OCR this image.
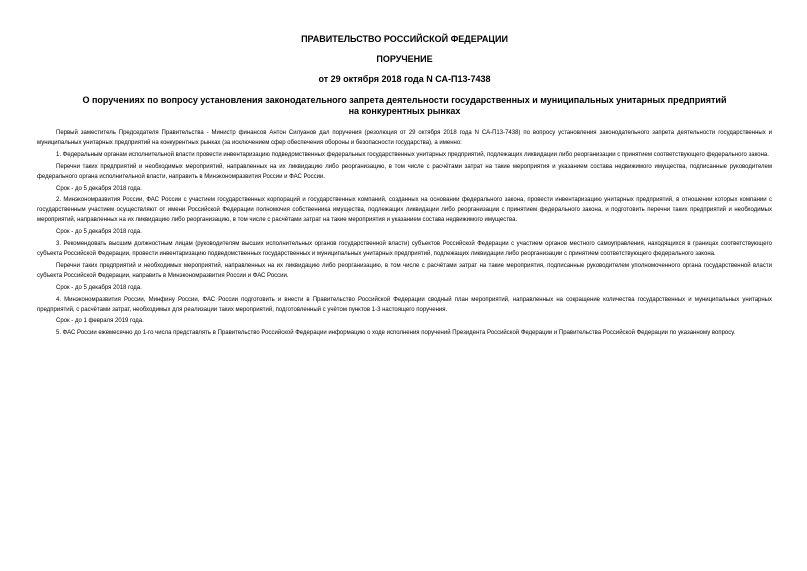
ПРАВИТЕЛЬСТВО РОССИЙСКОЙ ФЕДЕРАЦИИ

ПОРУЧЕНИЕ

от 29 октября 2018 года N СА-П13-7438

О поручениях по вопросу установления законодательного запрета деятельности государственных и муниципальных унитарных предприятий на конкурентных рынках

Первый заместитель Председателя Правительства - Министр финансов Антон Силуанов дал поручения (резолюция от 29 октября 2018 года N СА-П13-7438) по вопросу установления законодательного запрета деятельности государственных и муниципальных унитарных предприятий на конкурентных рынках (за исключением сфер обеспечения обороны и безопасности государства), а именно:

1. Федеральным органам исполнительной власти провести инвентаризацию подведомственных федеральных государственных унитарных предприятий, подлежащих ликвидации либо реорганизации с принятием соответствующего федерального закона.

Перечни таких предприятий и необходимых мероприятий, направленных на их ликвидацию либо реорганизацию, в том числе с расчётами затрат на такие мероприятия и указанием состава недвижимого имущества, подписанные руководителем федерального органа исполнительной власти, направить в Минэкономразвития России и ФАС России.

Срок - до 5 декабря 2018 года.

2. Минэкономразвития России, ФАС России с участием государственных корпораций и государственных компаний, созданных на основании федерального закона, провести инвентаризацию унитарных предприятий, в отношении которых компании с государственным участием осуществляют от имени Российской Федерации полномочия собственника имущества, подлежащих ликвидации либо реорганизации с принятием федерального закона, и подготовить перечни таких предприятий и необходимых мероприятий, направленных на их ликвидацию либо реорганизацию, в том числе с расчётами затрат на такие мероприятия и указанием состава недвижимого имущества.

Срок - до 5 декабря 2018 года.

3. Рекомендовать высшим должностным лицам (руководителям высших исполнительных органов государственной власти) субъектов Российской Федерации с участием органов местного самоуправления, находящихся в границах соответствующего субъекта Российской Федерации, провести инвентаризацию подведомственных государственных и муниципальных унитарных предприятий, подлежащих ликвидации либо реорганизации с принятием соответствующего федерального закона.

Перечни таких предприятий и необходимых мероприятий, направленных на их ликвидацию либо реорганизацию, в том числе с расчётами затрат на такие мероприятия, подписанные руководителем уполномоченного органа государственной власти субъекта Российской Федерации, направить в Минэкономразвития России и ФАС России.

Срок - до 5 декабря 2018 года.

4. Минэкономразвития России, Минфину России, ФАС России подготовить и внести в Правительство Российской Федерации сводный план мероприятий, направленных на сокращение количества государственных и муниципальных унитарных предприятий, с расчётами затрат, необходимых для реализации таких мероприятий, подготовленный с учётом пунктов 1-3 настоящего поручения.

Срок - до 1 февраля 2019 года.

5. ФАС России ежемесячно до 1-го числа представлять в Правительство Российской Федерации информацию о ходе исполнения поручений Президента Российской Федерации и Правительства Российской Федерации по указанному вопросу.
